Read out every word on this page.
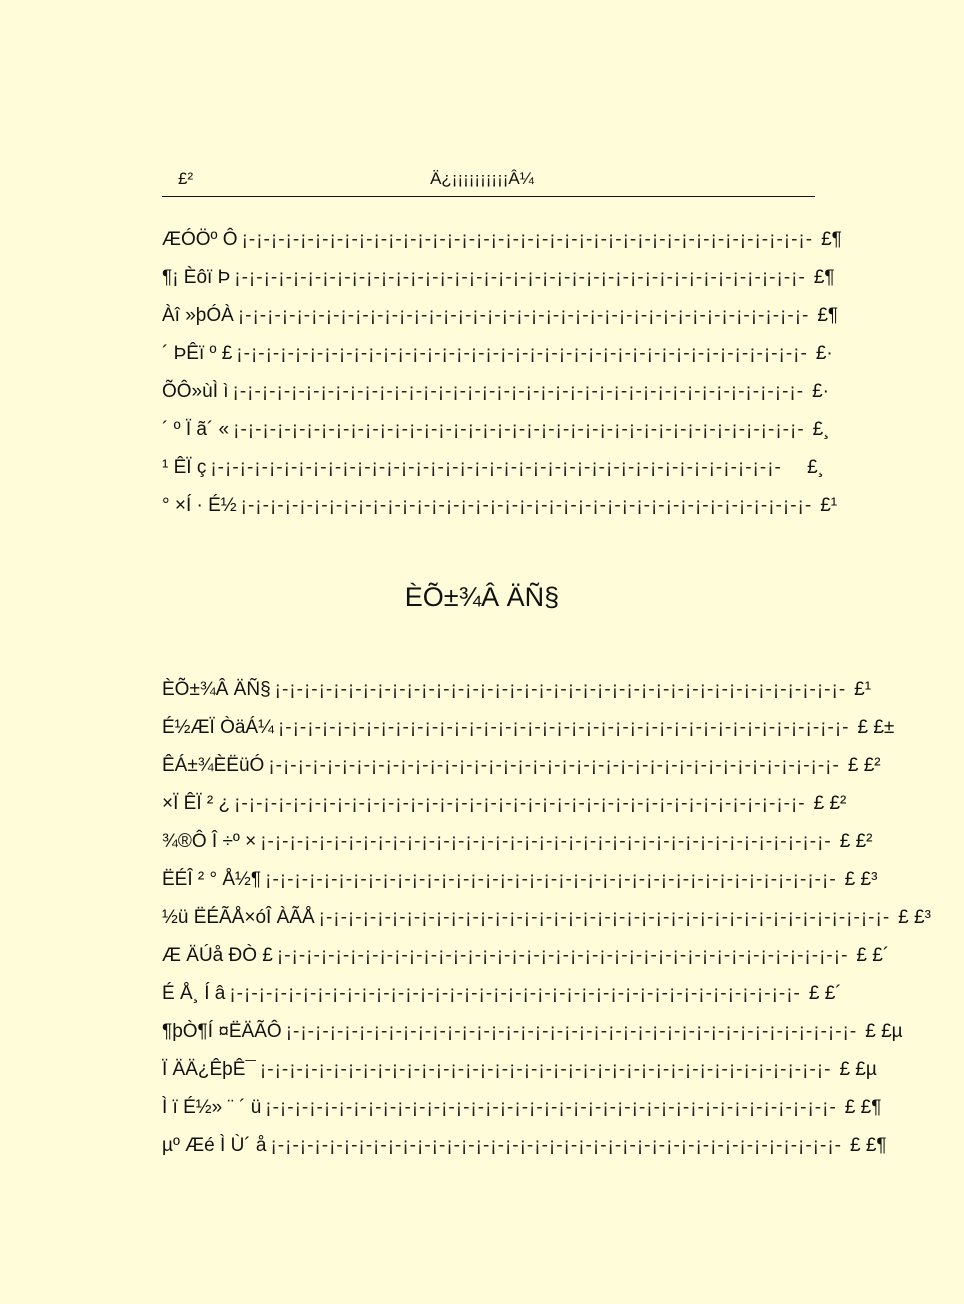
£²	Ä¿¡¡¡¡¡¡¡¡¡¡Â¼
ÆÓÖº Ô ¡-¡-¡-¡-¡-¡-¡-¡-¡-¡-¡-¡-¡-¡-¡-¡-¡-¡-¡-¡-¡-¡-¡-¡-¡-¡-¡-¡-¡-¡-¡-¡-¡-¡-¡-¡-¡-¡-¡- £¶
¶¡ Èôï Þ ¡-¡-¡-¡-¡-¡-¡-¡-¡-¡-¡-¡-¡-¡-¡-¡-¡-¡-¡-¡-¡-¡-¡-¡-¡-¡-¡-¡-¡-¡-¡-¡-¡-¡-¡-¡-¡-¡-¡- £¶
Àî »þÓÀ ¡-¡-¡-¡-¡-¡-¡-¡-¡-¡-¡-¡-¡-¡-¡-¡-¡-¡-¡-¡-¡-¡-¡-¡-¡-¡-¡-¡-¡-¡-¡-¡-¡-¡-¡-¡-¡-¡-¡- £¶
´ ÞÊï º £ ¡-¡-¡-¡-¡-¡-¡-¡-¡-¡-¡-¡-¡-¡-¡-¡-¡-¡-¡-¡-¡-¡-¡-¡-¡-¡-¡-¡-¡-¡-¡-¡-¡-¡-¡-¡-¡-¡-¡- £·
ÕÔ»ùÌ ì ¡-¡-¡-¡-¡-¡-¡-¡-¡-¡-¡-¡-¡-¡-¡-¡-¡-¡-¡-¡-¡-¡-¡-¡-¡-¡-¡-¡-¡-¡-¡-¡-¡-¡-¡-¡-¡-¡-¡- £·
´ º Ï ã´ « ¡-¡-¡-¡-¡-¡-¡-¡-¡-¡-¡-¡-¡-¡-¡-¡-¡-¡-¡-¡-¡-¡-¡-¡-¡-¡-¡-¡-¡-¡-¡-¡-¡-¡-¡-¡-¡-¡-¡- £¸
¹ ÊÏ ç ¡-¡-¡-¡-¡-¡-¡-¡-¡-¡-¡-¡-¡-¡-¡-¡-¡-¡-¡-¡-¡-¡-¡-¡-¡-¡-¡-¡-¡-¡-¡-¡-¡-¡-¡-¡-¡-¡-¡-	£¸
° ×Í · É½ ¡-¡-¡-¡-¡-¡-¡-¡-¡-¡-¡-¡-¡-¡-¡-¡-¡-¡-¡-¡-¡-¡-¡-¡-¡-¡-¡-¡-¡-¡-¡-¡-¡-¡-¡-¡-¡-¡-¡- £¹
ÈÕ±¾Â ÄÑ§
ÈÕ±¾Â ÄÑ§ ¡-¡-¡-¡-¡-¡-¡-¡-¡-¡-¡-¡-¡-¡-¡-¡-¡-¡-¡-¡-¡-¡-¡-¡-¡-¡-¡-¡-¡-¡-¡-¡-¡-¡-¡-¡-¡-¡-¡- £¹
É½ÆÏ ÒäÁ¼ ¡-¡-¡-¡-¡-¡-¡-¡-¡-¡-¡-¡-¡-¡-¡-¡-¡-¡-¡-¡-¡-¡-¡-¡-¡-¡-¡-¡-¡-¡-¡-¡-¡-¡-¡-¡-¡-¡-¡- £ £±
ÊÁ±¾ÈËüÓ ¡-¡-¡-¡-¡-¡-¡-¡-¡-¡-¡-¡-¡-¡-¡-¡-¡-¡-¡-¡-¡-¡-¡-¡-¡-¡-¡-¡-¡-¡-¡-¡-¡-¡-¡-¡-¡-¡-¡- £ £²
×Ï ÊÏ ² ¿ ¡-¡-¡-¡-¡-¡-¡-¡-¡-¡-¡-¡-¡-¡-¡-¡-¡-¡-¡-¡-¡-¡-¡-¡-¡-¡-¡-¡-¡-¡-¡-¡-¡-¡-¡-¡-¡-¡-¡- £ £²
¾®Ô Î ÷º × ¡-¡-¡-¡-¡-¡-¡-¡-¡-¡-¡-¡-¡-¡-¡-¡-¡-¡-¡-¡-¡-¡-¡-¡-¡-¡-¡-¡-¡-¡-¡-¡-¡-¡-¡-¡-¡-¡-¡- £ £²
ËÉÎ ² ° Å½¶ ¡-¡-¡-¡-¡-¡-¡-¡-¡-¡-¡-¡-¡-¡-¡-¡-¡-¡-¡-¡-¡-¡-¡-¡-¡-¡-¡-¡-¡-¡-¡-¡-¡-¡-¡-¡-¡-¡-¡- £ £³
½ü ËÉÃÅ×óÎ ÀÃÅ ¡-¡-¡-¡-¡-¡-¡-¡-¡-¡-¡-¡-¡-¡-¡-¡-¡-¡-¡-¡-¡-¡-¡-¡-¡-¡-¡-¡-¡-¡-¡-¡-¡-¡-¡-¡-¡-¡-¡- £ £³
Æ ÄÚå ÐÒ £ ¡-¡-¡-¡-¡-¡-¡-¡-¡-¡-¡-¡-¡-¡-¡-¡-¡-¡-¡-¡-¡-¡-¡-¡-¡-¡-¡-¡-¡-¡-¡-¡-¡-¡-¡-¡-¡-¡-¡- £ £´
É Å¸ Í â ¡-¡-¡-¡-¡-¡-¡-¡-¡-¡-¡-¡-¡-¡-¡-¡-¡-¡-¡-¡-¡-¡-¡-¡-¡-¡-¡-¡-¡-¡-¡-¡-¡-¡-¡-¡-¡-¡-¡- £ £´
¶þÒ¶Í ¤ËÄÃÔ ¡-¡-¡-¡-¡-¡-¡-¡-¡-¡-¡-¡-¡-¡-¡-¡-¡-¡-¡-¡-¡-¡-¡-¡-¡-¡-¡-¡-¡-¡-¡-¡-¡-¡-¡-¡-¡-¡-¡- £ £µ
Ï ÄÄ¿ÊþÊ¯ ¡-¡-¡-¡-¡-¡-¡-¡-¡-¡-¡-¡-¡-¡-¡-¡-¡-¡-¡-¡-¡-¡-¡-¡-¡-¡-¡-¡-¡-¡-¡-¡-¡-¡-¡-¡-¡-¡-¡- £ £µ
Ì ï É½» ¨ ´ ü ¡-¡-¡-¡-¡-¡-¡-¡-¡-¡-¡-¡-¡-¡-¡-¡-¡-¡-¡-¡-¡-¡-¡-¡-¡-¡-¡-¡-¡-¡-¡-¡-¡-¡-¡-¡-¡-¡-¡- £ £¶
µº Æé Ì Ù´ å ¡-¡-¡-¡-¡-¡-¡-¡-¡-¡-¡-¡-¡-¡-¡-¡-¡-¡-¡-¡-¡-¡-¡-¡-¡-¡-¡-¡-¡-¡-¡-¡-¡-¡-¡-¡-¡-¡-¡- £ £¶
